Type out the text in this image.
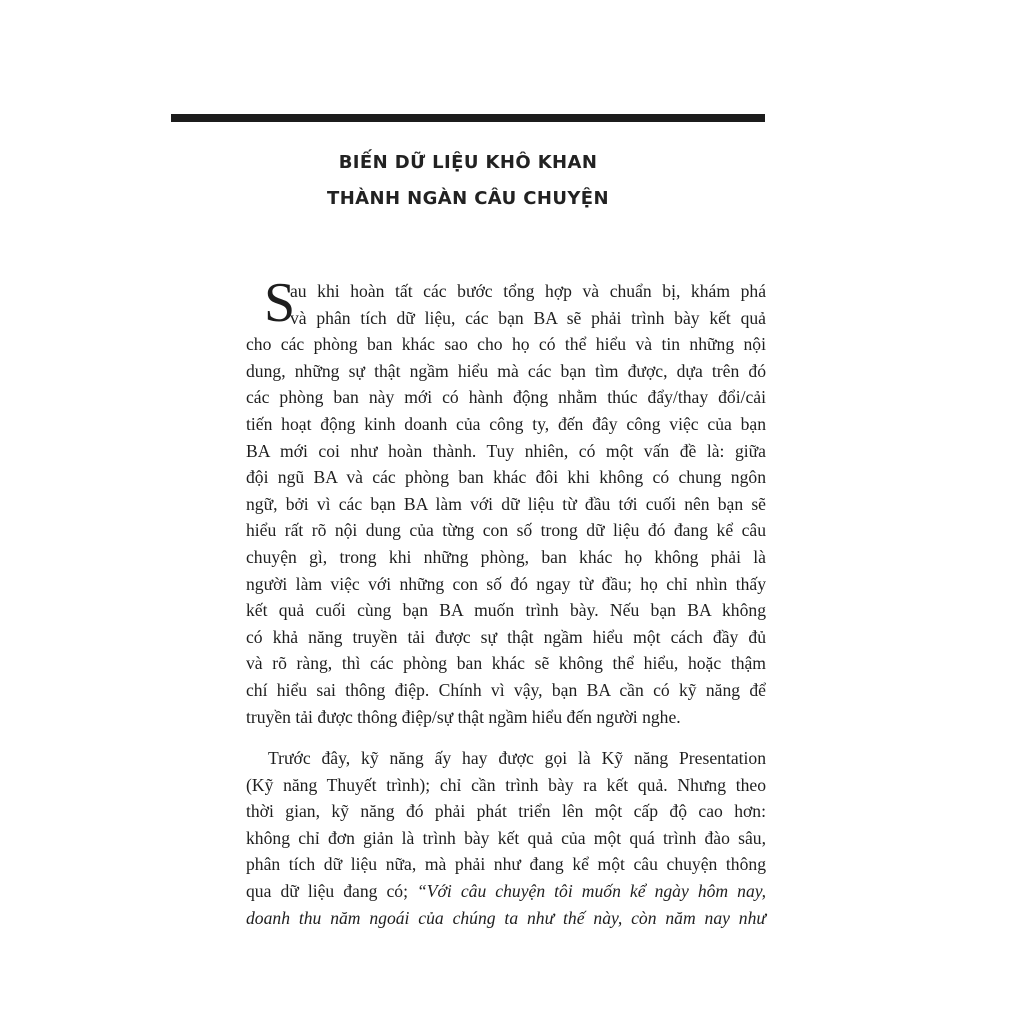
BIẾN DỮ LIỆU KHÔ KHAN

THÀNH NGÀN CÂU CHUYỆN

S
au khi hoàn tất các bước tổng hợp và chuẩn bị, khám phá
và phân tích dữ liệu, các bạn BA sẽ phải trình bày kết quả
cho các phòng ban khác sao cho họ có thể hiểu và tin những nội
dung, những sự thật ngầm hiểu mà các bạn tìm được, dựa trên đó
các phòng ban này mới có hành động nhằm thúc đẩy/thay đổi/cải
tiến hoạt động kinh doanh của công ty, đến đây công việc của bạn
BA mới coi như hoàn thành. Tuy nhiên, có một vấn đề là: giữa
đội ngũ BA và các phòng ban khác đôi khi không có chung ngôn
ngữ, bởi vì các bạn BA làm với dữ liệu từ đầu tới cuối nên bạn sẽ
hiểu rất rõ nội dung của từng con số trong dữ liệu đó đang kể câu
chuyện gì, trong khi những phòng, ban khác họ không phải là
người làm việc với những con số đó ngay từ đầu; họ chỉ nhìn thấy
kết quả cuối cùng bạn BA muốn trình bày. Nếu bạn BA không
có khả năng truyền tải được sự thật ngầm hiểu một cách đầy đủ
và rõ ràng, thì các phòng ban khác sẽ không thể hiểu, hoặc thậm
chí hiểu sai thông điệp. Chính vì vậy, bạn BA cần có kỹ năng để
truyền tải được thông điệp/sự thật ngầm hiểu đến người nghe.
Trước đây, kỹ năng ấy hay được gọi là Kỹ năng Presentation
(Kỹ năng Thuyết trình); chỉ cần trình bày ra kết quả. Nhưng theo
thời gian, kỹ năng đó phải phát triển lên một cấp độ cao hơn:
không chỉ đơn giản là trình bày kết quả của một quá trình đào sâu,
phân tích dữ liệu nữa, mà phải như đang kể một câu chuyện thông
qua dữ liệu đang có; “Với câu chuyện tôi muốn kể ngày hôm nay,
doanh thu năm ngoái của chúng ta như thế này, còn năm nay như
